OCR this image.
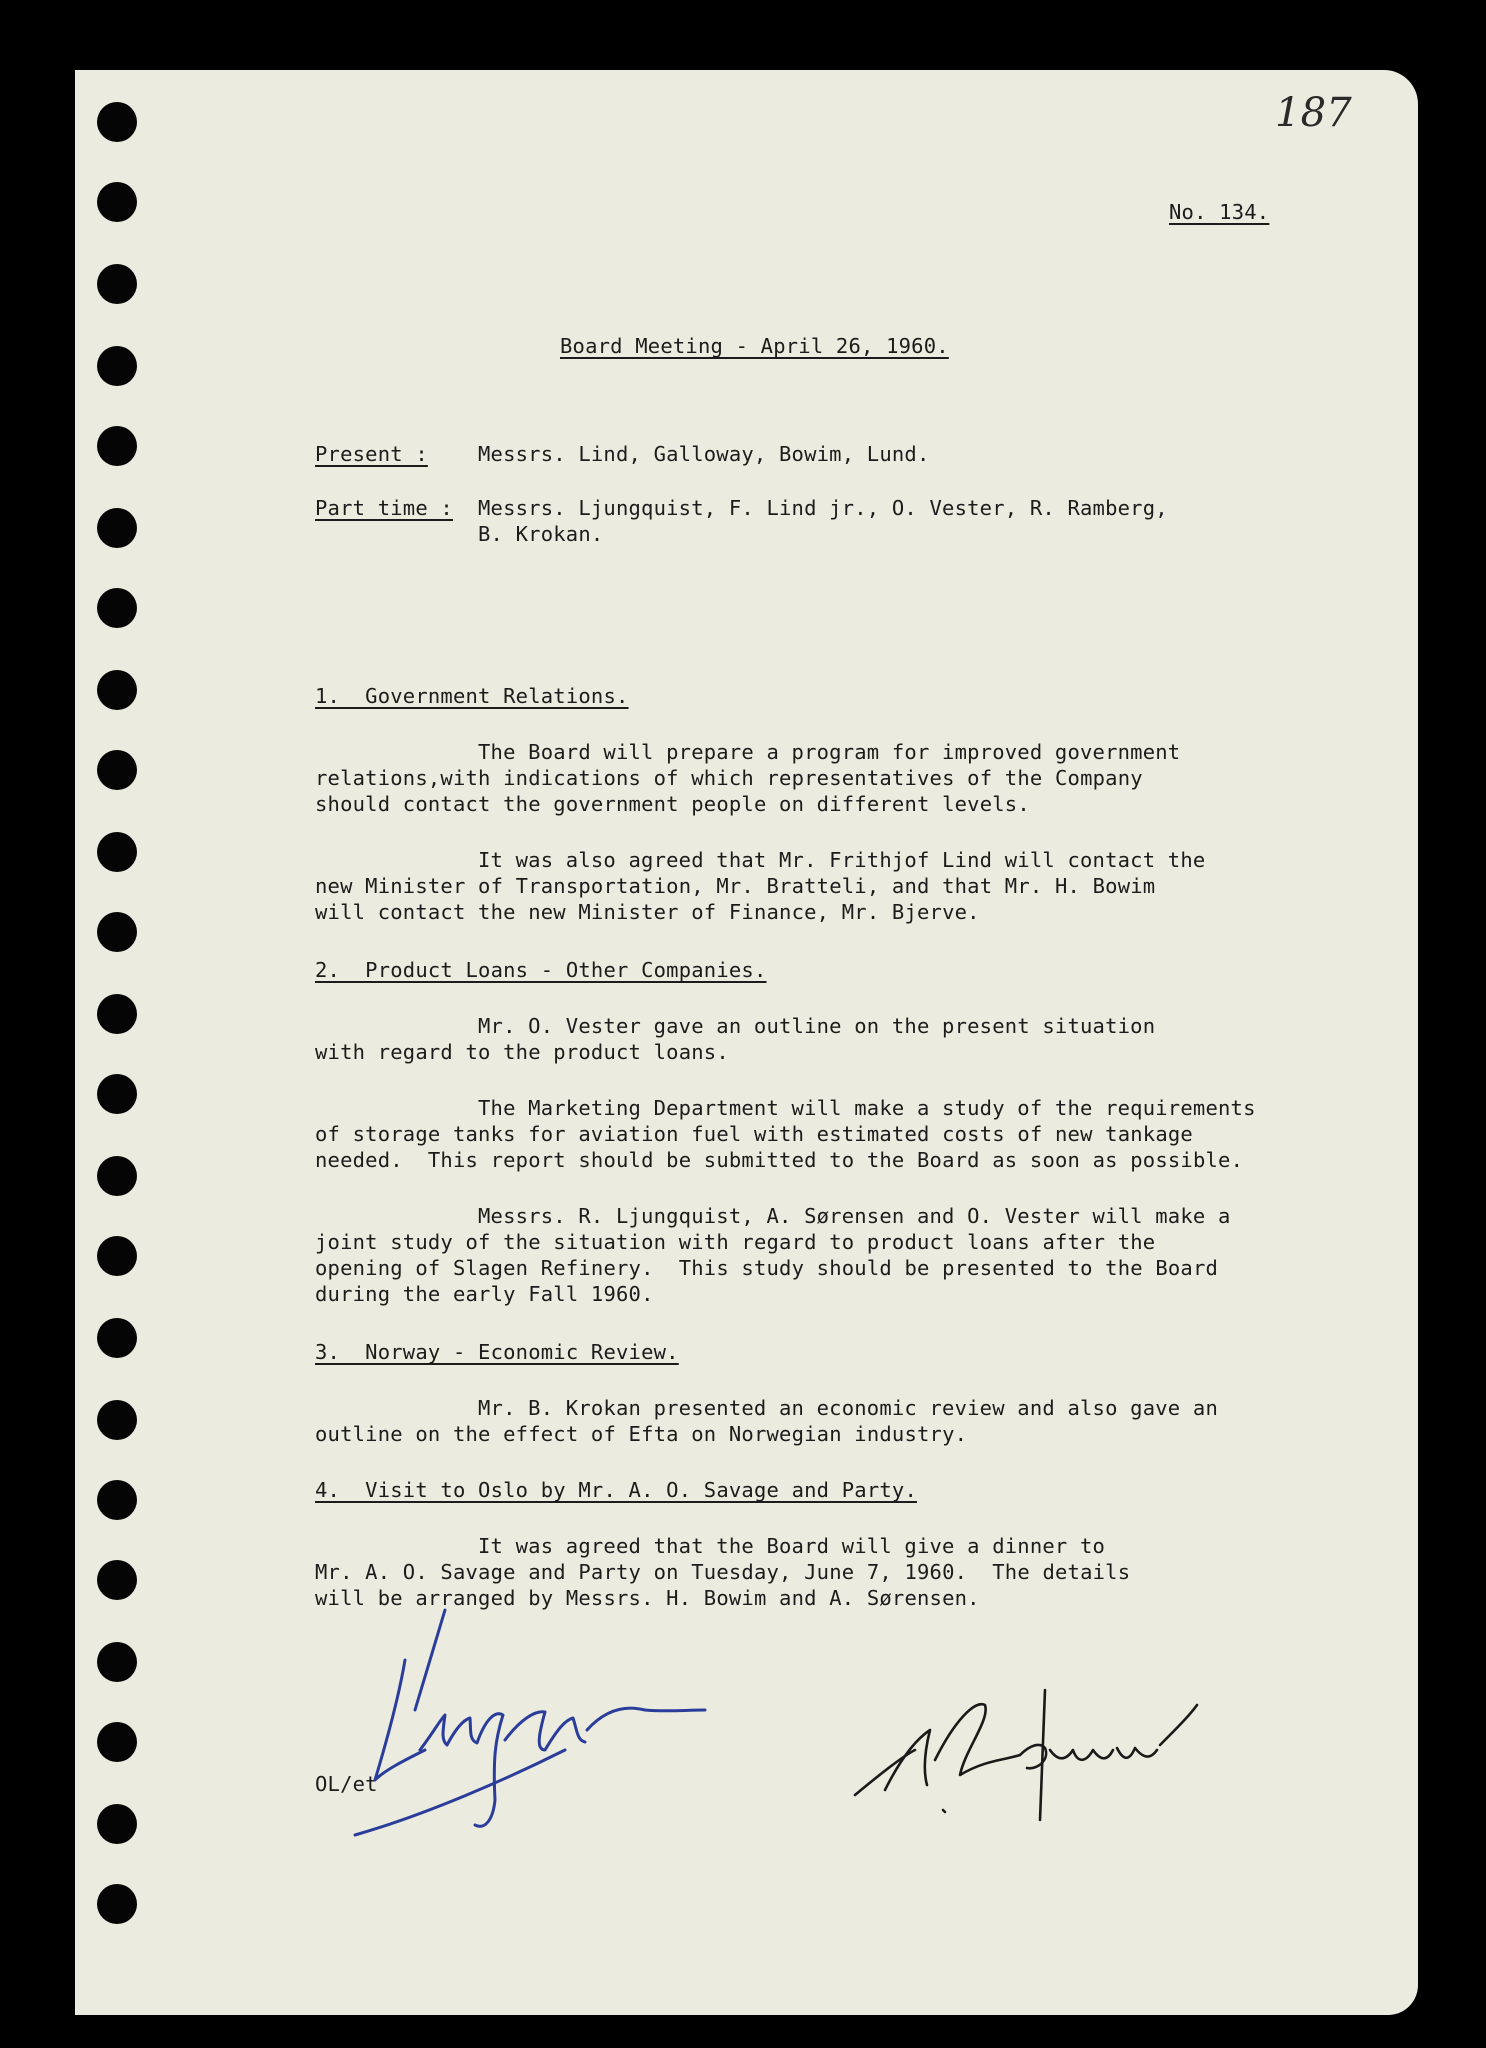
187

No. 134.

Board Meeting - April 26, 1960.

Present : Messrs. Lind, Galloway, Bowim, Lund.

Part time : Messrs. Ljungquist, F. Lind jr., O. Vester, R. Ramberg,

B. Krokan.

1.  Government Relations.

The Board will prepare a program for improved government

relations,with indications of which representatives of the Company

should contact the government people on different levels.

It was also agreed that Mr. Frithjof Lind will contact the

new Minister of Transportation, Mr. Bratteli, and that Mr. H. Bowim

will contact the new Minister of Finance, Mr. Bjerve.

2.  Product Loans - Other Companies.

Mr. O. Vester gave an outline on the present situation

with regard to the product loans.

The Marketing Department will make a study of the requirements

of storage tanks for aviation fuel with estimated costs of new tankage

needed.  This report should be submitted to the Board as soon as possible.

Messrs. R. Ljungquist, A. Sørensen and O. Vester will make a

joint study of the situation with regard to product loans after the

opening of Slagen Refinery.  This study should be presented to the Board

during the early Fall 1960.

3.  Norway - Economic Review.

Mr. B. Krokan presented an economic review and also gave an

outline on the effect of Efta on Norwegian industry.

4.  Visit to Oslo by Mr. A. O. Savage and Party.

It was agreed that the Board will give a dinner to

Mr. A. O. Savage and Party on Tuesday, June 7, 1960.  The details

will be arranged by Messrs. H. Bowim and A. Sørensen.

OL/et
